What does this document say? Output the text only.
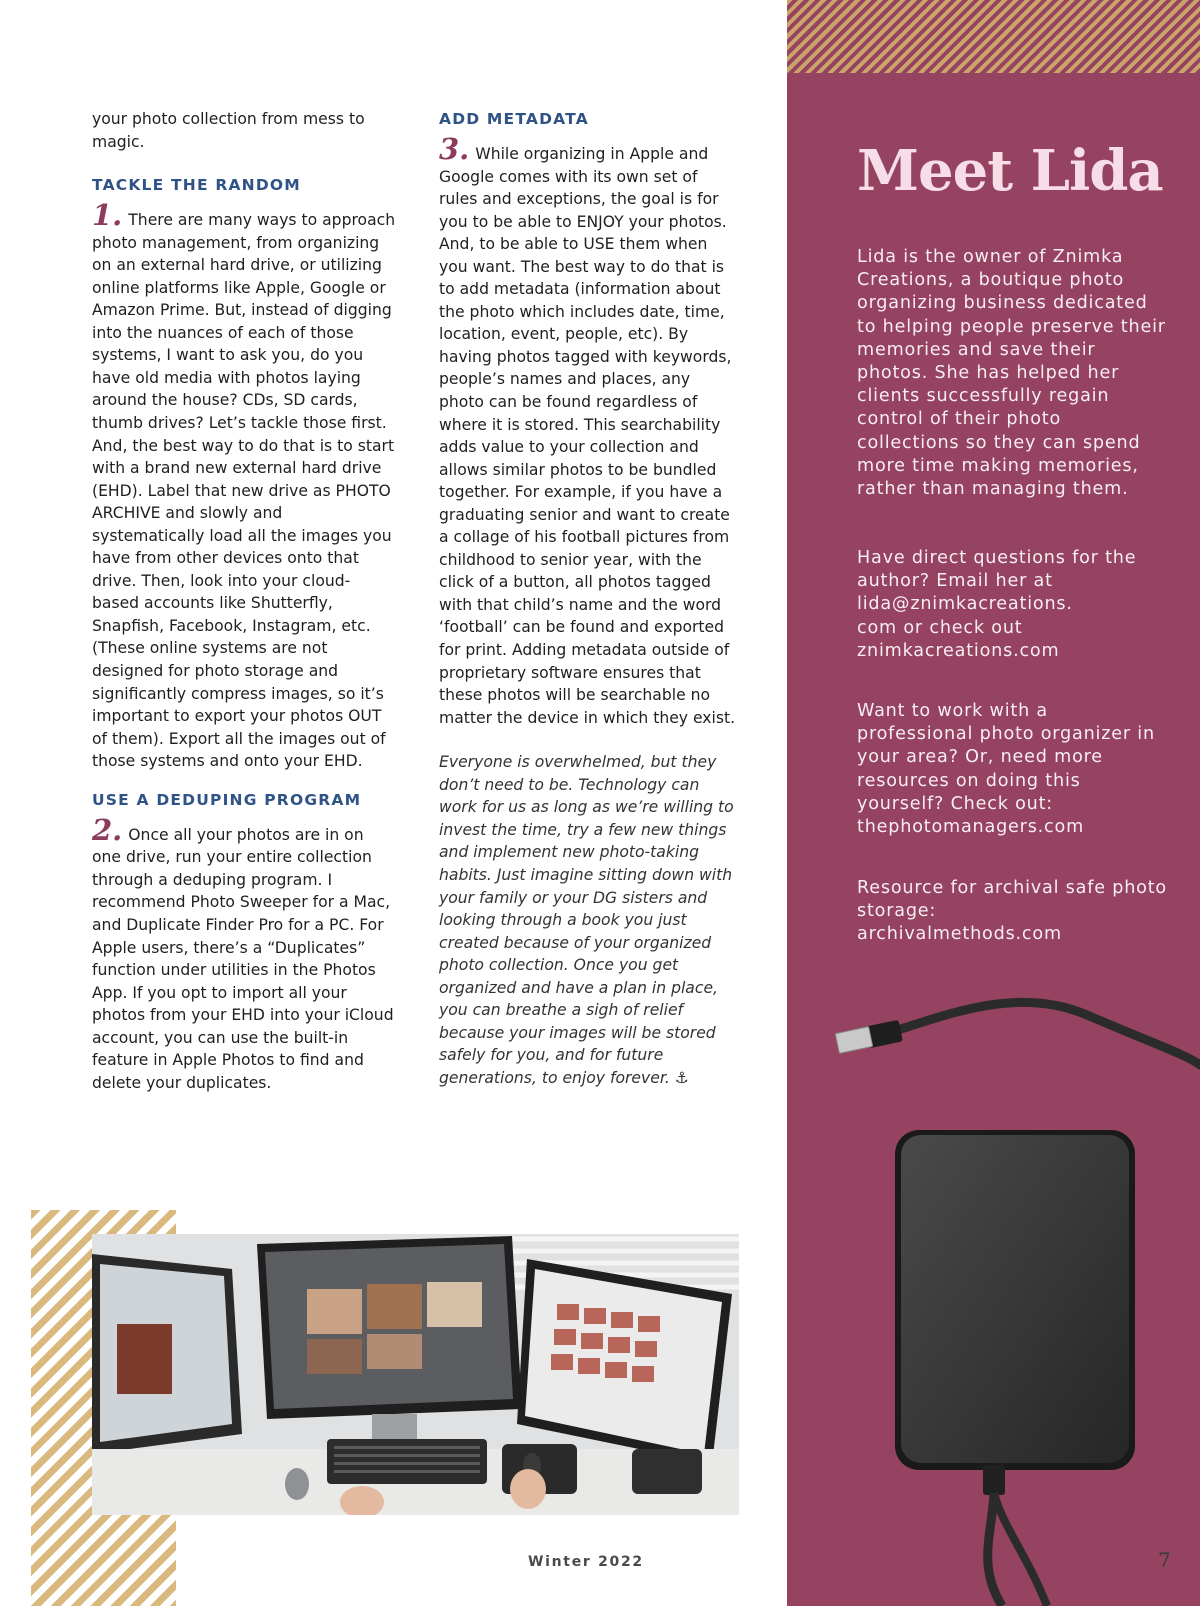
your photo collection from mess to magic.

TACKLE THE RANDOM

1. There are many ways to approach photo management, from organizing on an external hard drive, or utilizing online platforms like Apple, Google or Amazon Prime. But, instead of digging into the nuances of each of those systems, I want to ask you, do you have old media with photos laying around the house? CDs, SD cards, thumb drives? Let’s tackle those first. And, the best way to do that is to start with a brand new external hard drive (EHD). Label that new drive as PHOTO ARCHIVE and slowly and systematically load all the images you have from other devices onto that drive. Then, look into your cloud-based accounts like Shutterfly, Snapfish, Facebook, Instagram, etc. (These online systems are not designed for photo storage and significantly compress images, so it’s important to export your photos OUT of them). Export all the images out of those systems and onto your EHD.

USE A DEDUPING PROGRAM

2. Once all your photos are in on one drive, run your entire collection through a deduping program. I recommend Photo Sweeper for a Mac, and Duplicate Finder Pro for a PC. For Apple users, there’s a “Duplicates” function under utilities in the Photos App. If you opt to import all your photos from your EHD into your iCloud account, you can use the built-in feature in Apple Photos to find and delete your duplicates.

ADD METADATA

3. While organizing in Apple and Google comes with its own set of rules and exceptions, the goal is for you to be able to ENJOY your photos. And, to be able to USE them when you want. The best way to do that is to add metadata (information about the photo which includes date, time, location, event, people, etc). By having photos tagged with keywords, people’s names and places, any photo can be found regardless of where it is stored. This searchability adds value to your collection and allows similar photos to be bundled together. For example, if you have a graduating senior and want to create a collage of his football pictures from childhood to senior year, with the click of a button, all photos tagged with that child’s name and the word ‘football’ can be found and exported for print. Adding metadata outside of proprietary software ensures that these photos will be searchable no matter the device in which they exist.

Everyone is overwhelmed, but they don’t need to be. Technology can work for us as long as we’re willing to invest the time, try a few new things and implement new photo-taking habits. Just imagine sitting down with your family or your DG sisters and looking through a book you just created because of your organized photo collection. Once you get organized and have a plan in place, you can breathe a sigh of relief because your images will be stored safely for you, and for future generations, to enjoy forever. ⚓

Meet Lida

Lida is the owner of Znimka Creations, a boutique photo organizing business dedicated to helping people preserve their memories and save their photos. She has helped her clients successfully regain control of their photo collections so they can spend more time making memories, rather than managing them.

Have direct questions for the author? Email her at
lida@znimkacreations.
com or check out
znimkacreations.com
Want to work with a professional photo organizer in your area? Or, need more resources on doing this yourself? Check out:
thephotomanagers.com
Resource for archival safe photo storage:
archivalmethods.com
Winter 2022	7
